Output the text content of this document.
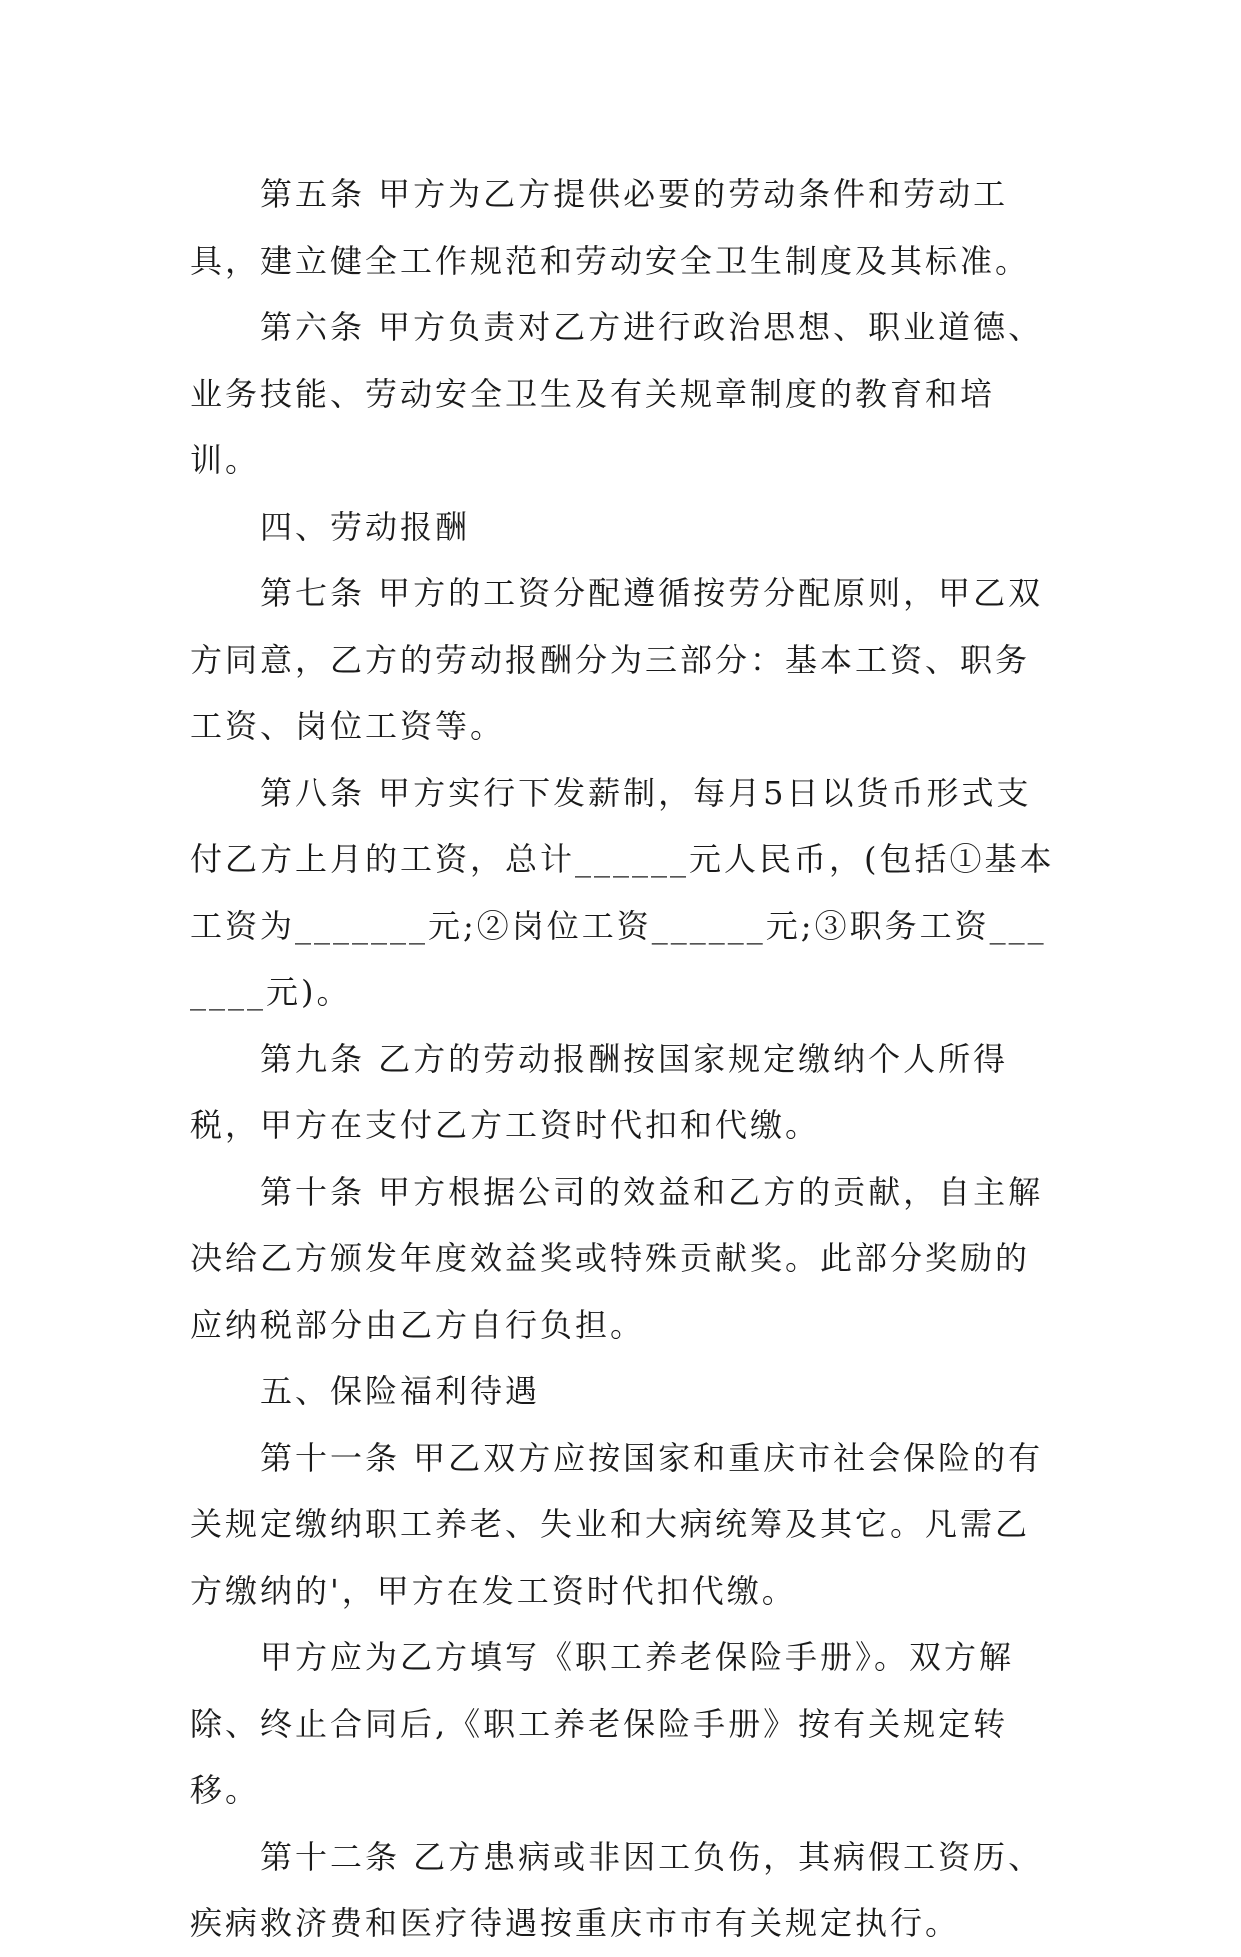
第五条 甲方为乙方提供必要的劳动条件和劳动工具，建立健全工作规范和劳动安全卫生制度及其标准。

第六条 甲方负责对乙方进行政治思想、职业道德、业务技能、劳动安全卫生及有关规章制度的教育和培训。

四、劳动报酬

第七条 甲方的工资分配遵循按劳分配原则，甲乙双方同意，乙方的劳动报酬分为三部分：基本工资、职务工资、岗位工资等。

第八条 甲方实行下发薪制，每月5日以货币形式支付乙方上月的工资，总计______元人民币，(包括①基本工资为_______元;②岗位工资______元;③职务工资_______元)。

第九条 乙方的劳动报酬按国家规定缴纳个人所得税，甲方在支付乙方工资时代扣和代缴。

第十条 甲方根据公司的效益和乙方的贡献，自主解决给乙方颁发年度效益奖或特殊贡献奖。此部分奖励的应纳税部分由乙方自行负担。

五、保险福利待遇

第十一条 甲乙双方应按国家和重庆市社会保险的有关规定缴纳职工养老、失业和大病统筹及其它。凡需乙方缴纳的'，甲方在发工资时代扣代缴。

甲方应为乙方填写《职工养老保险手册》。双方解除、终止合同后,《职工养老保险手册》按有关规定转移。

第十二条 乙方患病或非因工负伤，其病假工资历、疾病救济费和医疗待遇按重庆市市有关规定执行。
